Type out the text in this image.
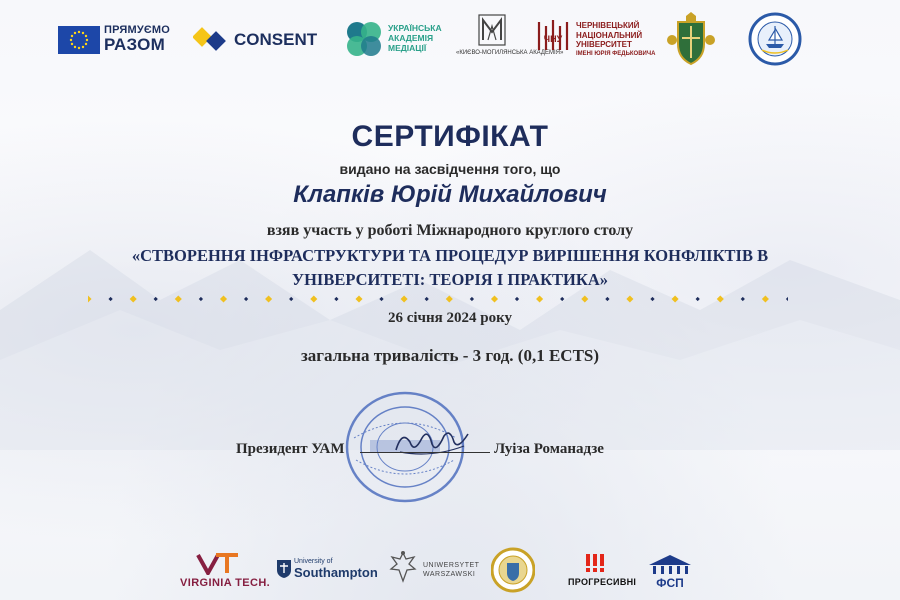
ПРЯМУЄМО
РАЗОМ	CONSENT
УКРАЇНСЬКА
АКАДЕМІЯ
МЕДІАЦІЇ	«КИЄВО-МОГИЛЯНСЬКА АКАДЕМІЯ»
ЧНУ
ЧЕРНІВЕЦЬКИЙ
НАЦІОНАЛЬНИЙ
УНІВЕРСИТЕТ
ІМЕНІ ЮРІЯ ФЕДЬКОВИЧА
СЕРТИФІКАТ
видано на засвідчення того, що
Клапків Юрій Михайлович
взяв участь у роботі Міжнародного круглого столу
«СТВОРЕННЯ ІНФРАСТРУКТУРИ ТА ПРОЦЕДУР ВИРІШЕННЯ КОНФЛІКТІВ В
УНІВЕРСИТЕТІ: ТЕОРІЯ І ПРАКТИКА»
26 січня 2024 року
загальна тривалість - 3 год. (0,1 ECTS)
Президент УАМ	Луіза Романадзе
VIRGINIA TECH.
University of
Southampton	UNIWERSYTET
WARSZAWSKI
ПРОГРЕСИВНІ ФСП
